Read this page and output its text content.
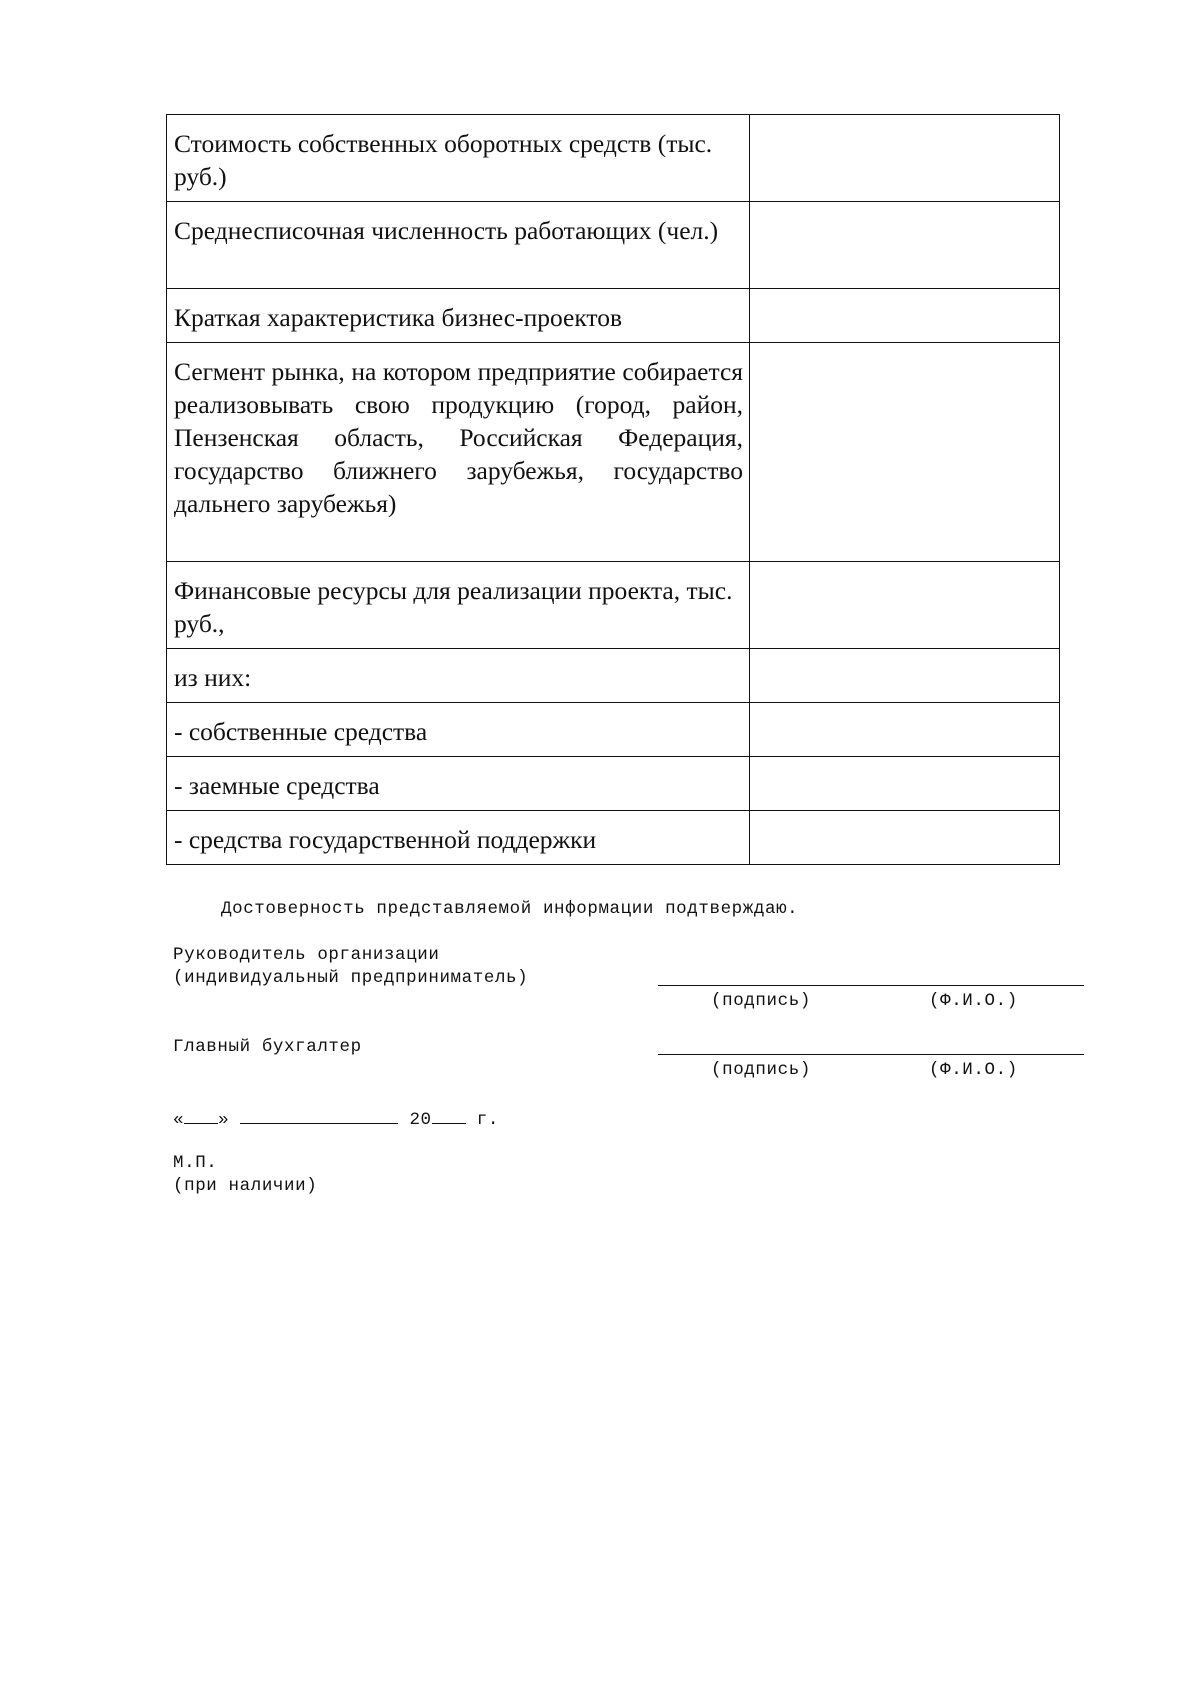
Стоимость собственных оборотных средств (тыс. руб.)	
Среднесписочная численность работающих (чел.)	
Краткая характеристика бизнес-проектов	
Сегмент рынка, на котором предприятие собирается реализовывать свою продукцию (город, район, Пензенская область, Российская Федерация, государство ближнего зарубежья, государство дальнего зарубежья)	
Финансовые ресурсы для реализации проекта, тыс. руб.,	
из них:	
- собственные средства	
- заемные средства	
- средства государственной поддержки	
Достоверность представляемой информации подтверждаю.
Руководитель организации
(индивидуальный предприниматель)
(подпись)	(Ф.И.О.)
Главный бухгалтер
(подпись)	(Ф.И.О.)
« »	20	г.
М.П.
(при наличии)
